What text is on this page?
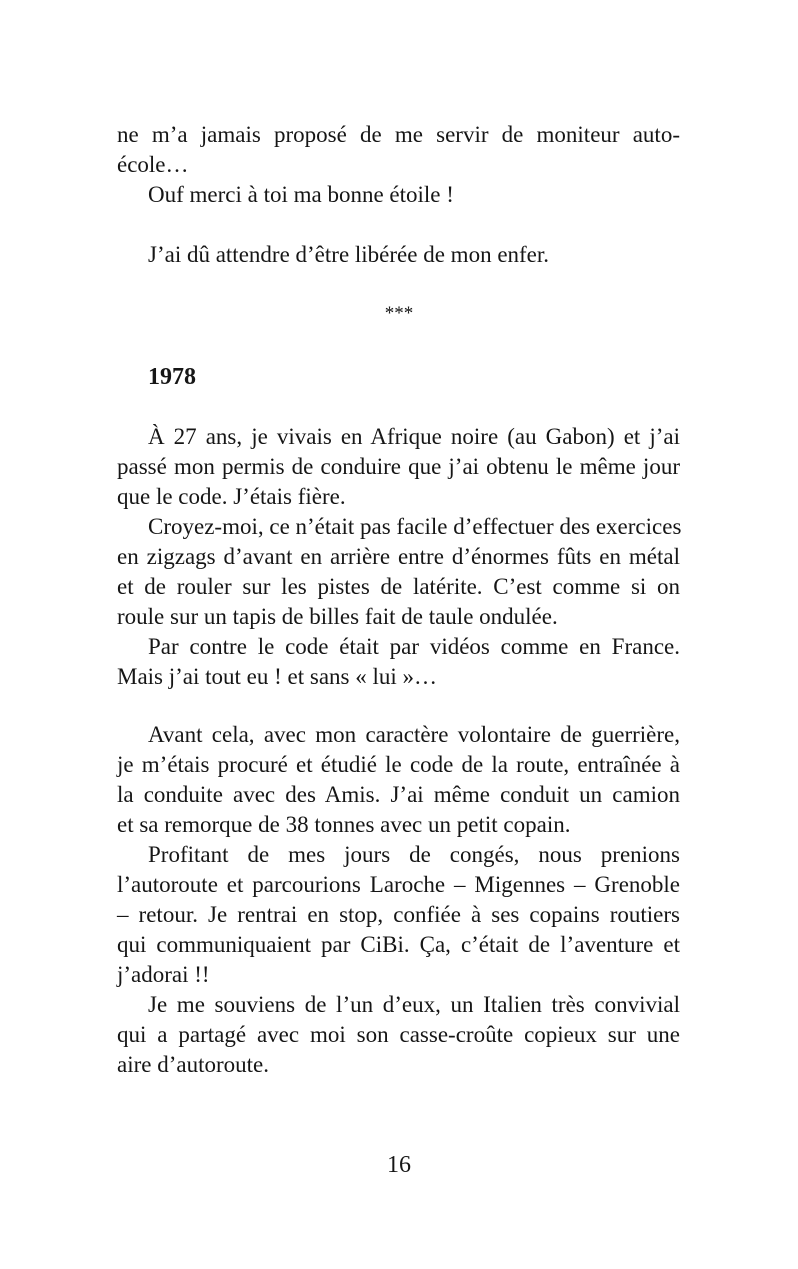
ne m’a jamais proposé de me servir de moniteur auto-
école…
Ouf merci à toi ma bonne étoile !
J’ai dû attendre d’être libérée de mon enfer.
***
1978
À 27 ans, je vivais en Afrique noire (au Gabon) et j’ai
passé mon permis de conduire que j’ai obtenu le même jour
que le code. J’étais fière.
Croyez-moi, ce n’était pas facile d’effectuer des exercices
en zigzags d’avant en arrière entre d’énormes fûts en métal
et de rouler sur les pistes de latérite. C’est comme si on
roule sur un tapis de billes fait de taule ondulée.
Par contre le code était par vidéos comme en France.
Mais j’ai tout eu ! et sans « lui »…
Avant cela, avec mon caractère volontaire de guerrière,
je m’étais procuré et étudié le code de la route, entraînée à
la conduite avec des Amis. J’ai même conduit un camion
et sa remorque de 38 tonnes avec un petit copain.
Profitant de mes jours de congés, nous prenions
l’autoroute et parcourions Laroche – Migennes – Grenoble
– retour. Je rentrai en stop, confiée à ses copains routiers
qui communiquaient par CiBi. Ça, c’était de l’aventure et
j’adorai !!
Je me souviens de l’un d’eux, un Italien très convivial
qui a partagé avec moi son casse-croûte copieux sur une
aire d’autoroute.
16
